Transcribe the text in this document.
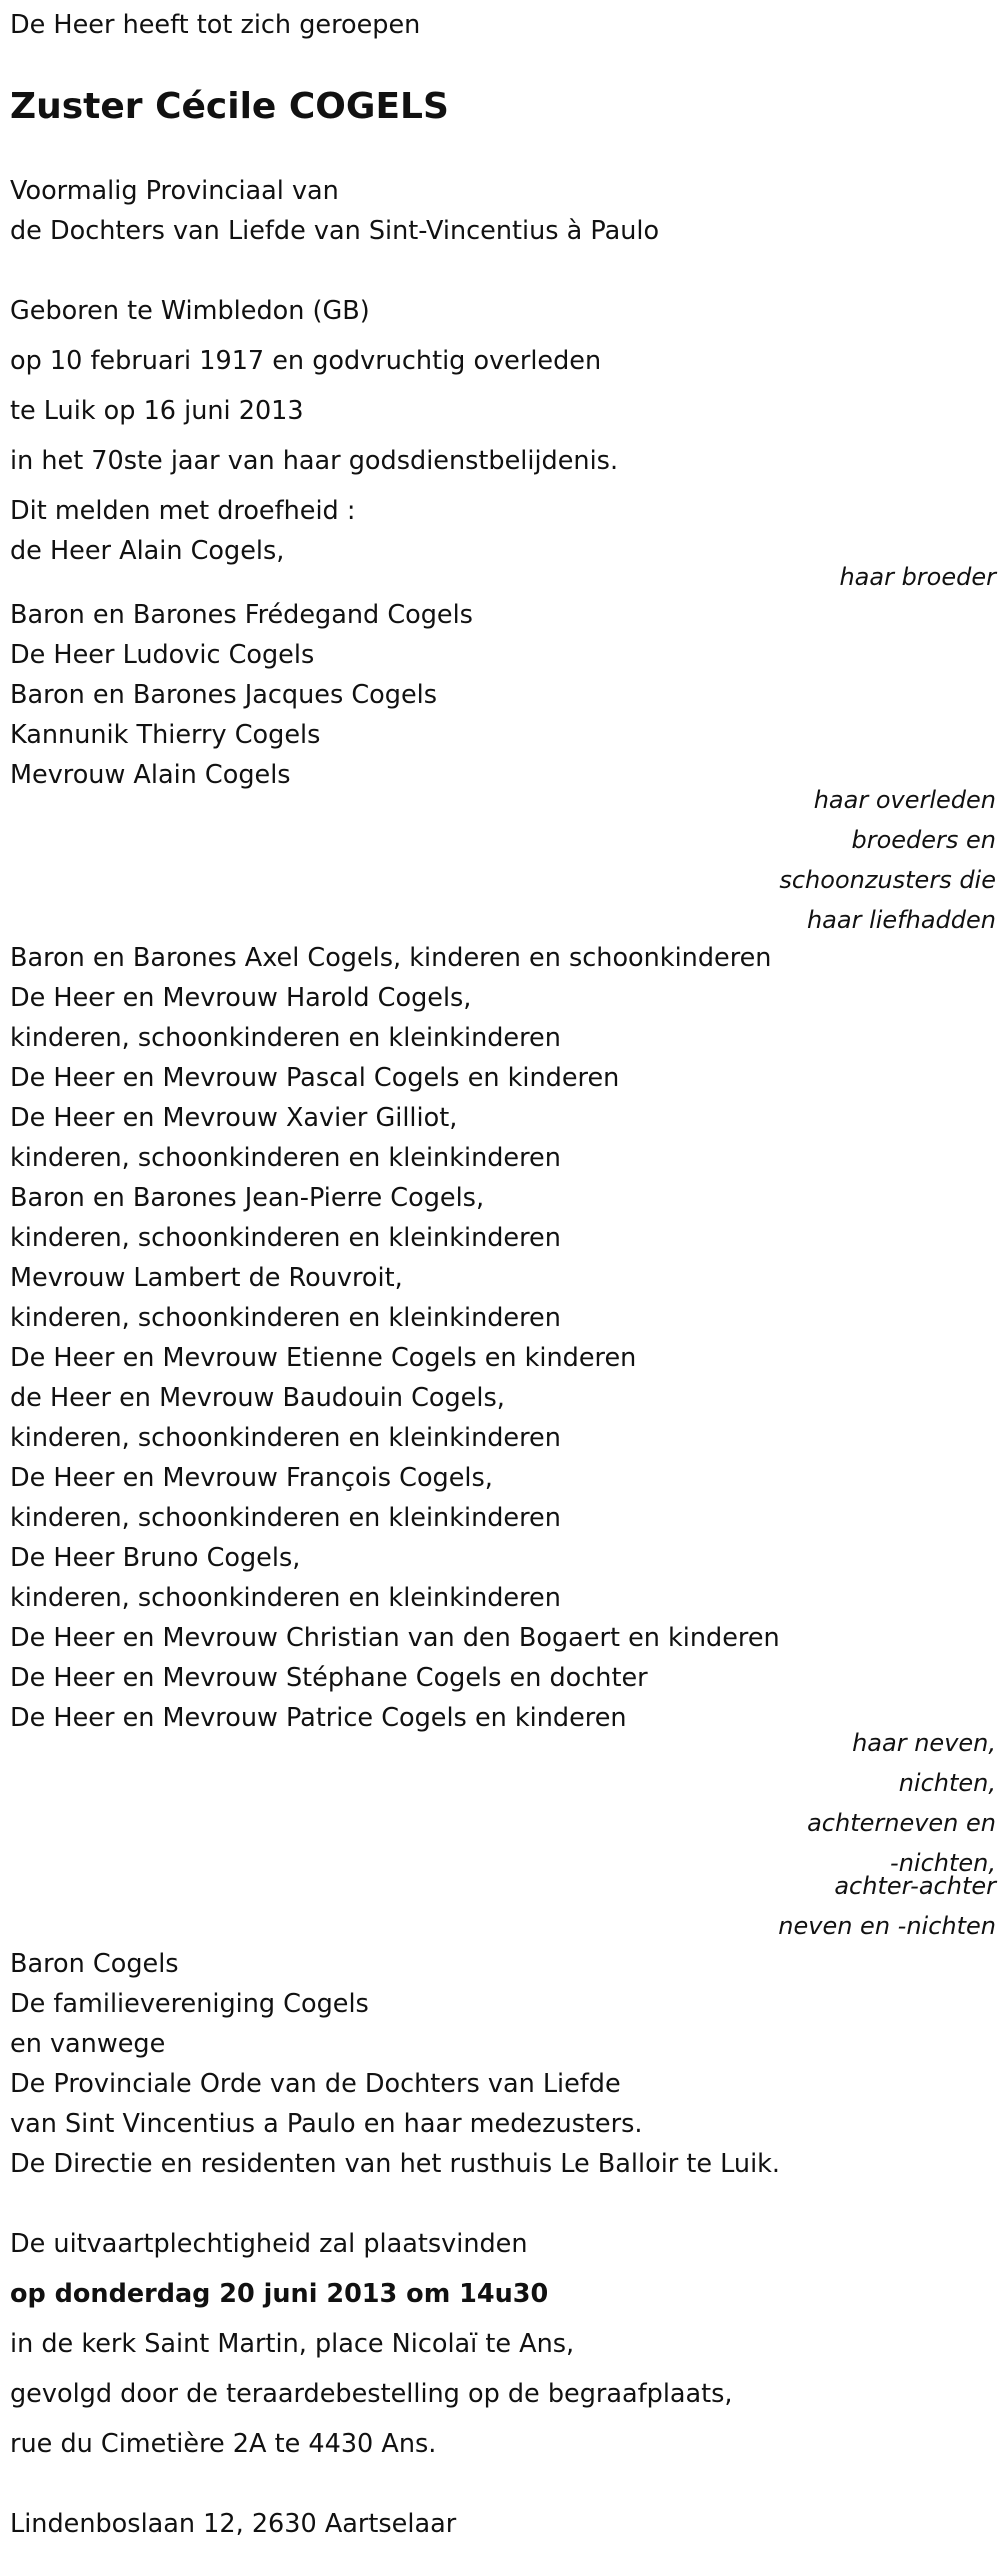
De Heer heeft tot zich geroepen
Zuster Cécile COGELS
Voormalig Provinciaal van
de Dochters van Liefde van Sint-Vincentius à Paulo
Geboren te Wimbledon (GB)
op 10 februari 1917 en godvruchtig overleden
te Luik op 16 juni 2013
in het 70ste jaar van haar godsdienstbelijdenis.
Dit melden met droefheid :
de Heer Alain Cogels,
haar broeder
Baron en Barones Frédegand Cogels
De Heer Ludovic Cogels
Baron en Barones Jacques Cogels
Kannunik Thierry Cogels
Mevrouw Alain Cogels
haar overleden
broeders en
schoonzusters die
haar liefhadden
Baron en Barones Axel Cogels, kinderen en schoonkinderen
De Heer en Mevrouw Harold Cogels,
kinderen, schoonkinderen en kleinkinderen
De Heer en Mevrouw Pascal Cogels en kinderen
De Heer en Mevrouw Xavier Gilliot,
kinderen, schoonkinderen en kleinkinderen
Baron en Barones Jean-Pierre Cogels,
kinderen, schoonkinderen en kleinkinderen
Mevrouw Lambert de Rouvroit,
kinderen, schoonkinderen en kleinkinderen
De Heer en Mevrouw Etienne Cogels en kinderen
de Heer en Mevrouw Baudouin Cogels,
kinderen, schoonkinderen en kleinkinderen
De Heer en Mevrouw François Cogels,
kinderen, schoonkinderen en kleinkinderen
De Heer Bruno Cogels,
kinderen, schoonkinderen en kleinkinderen
De Heer en Mevrouw Christian van den Bogaert en kinderen
De Heer en Mevrouw Stéphane Cogels en dochter
De Heer en Mevrouw Patrice Cogels en kinderen
haar neven,
nichten,
achterneven en
-nichten,
achter-achter
neven en -nichten
Baron Cogels
De familievereniging Cogels
en vanwege
De Provinciale Orde van de Dochters van Liefde
van Sint Vincentius a Paulo en haar medezusters.
De Directie en residenten van het rusthuis Le Balloir te Luik.
De uitvaartplechtigheid zal plaatsvinden
op donderdag 20 juni 2013 om 14u30
in de kerk Saint Martin, place Nicolaï te Ans,
gevolgd door de teraardebestelling op de begraafplaats,
rue du Cimetière 2A te 4430 Ans.
Lindenboslaan 12, 2630 Aartselaar
